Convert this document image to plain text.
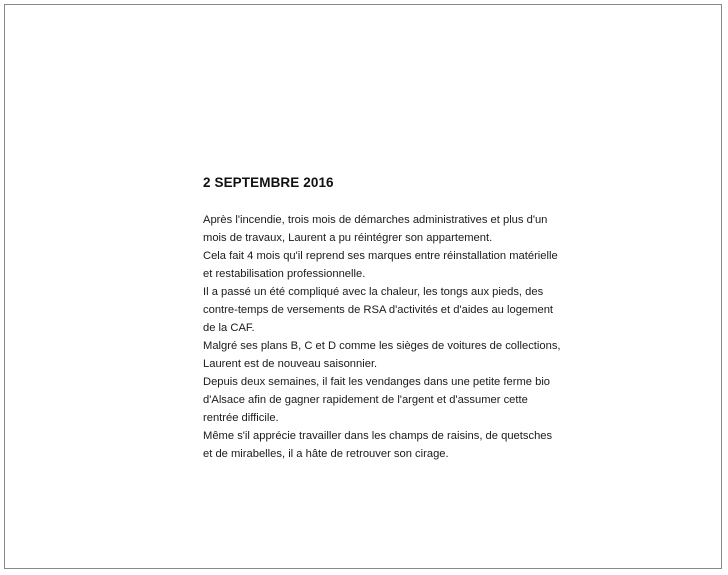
2 SEPTEMBRE 2016
Après l'incendie, trois mois de démarches administratives et plus d'un
mois de travaux, Laurent a pu réintégrer son appartement.
Cela fait 4 mois qu'il reprend ses marques entre réinstallation matérielle
et restabilisation professionnelle.
Il a passé un été compliqué avec la chaleur, les tongs aux pieds, des
contre-temps de versements de RSA d'activités et d'aides au logement
de la CAF.
Malgré ses plans B, C et D comme les sièges de voitures de collections,
Laurent est de nouveau saisonnier.
Depuis deux semaines, il fait les vendanges dans une petite ferme bio
d'Alsace afin de gagner rapidement de l'argent et d'assumer cette
rentrée difficile.
Même s'il apprécie travailler dans les champs de raisins, de quetsches
et de mirabelles, il a hâte de retrouver son cirage.
